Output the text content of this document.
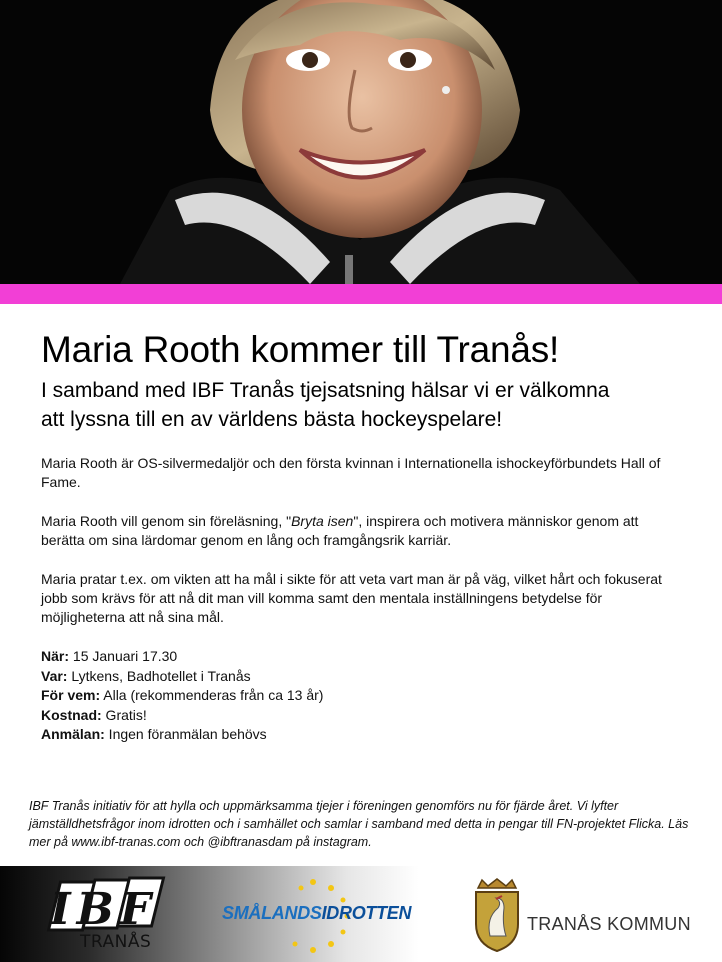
Maria Rooth kommer till Tranås!
I samband med IBF Tranås tjejsatsning hälsar vi er välkomna
att lyssna till en av världens bästa hockeyspelare!

Maria Rooth är OS-silvermedaljör och den första kvinnan i Internationella ishockeyförbundets Hall of Fame.

Maria Rooth vill genom sin föreläsning, "Bryta isen", inspirera och motivera människor genom att berätta om sina lärdomar genom en lång och framgångsrik karriär.

Maria pratar t.ex. om vikten att ha mål i sikte för att veta vart man är på väg, vilket hårt och fokuserat jobb som krävs för att nå dit man vill komma samt den mentala inställningens betydelse för möjligheterna att nå sina mål.

När: 15 Januari 17.30
Var: Lytkens, Badhotellet i Tranås
För vem: Alla (rekommenderas från ca 13 år)
Kostnad: Gratis!
Anmälan: Ingen föranmälan behövs
IBF Tranås initiativ för att hylla och uppmärksamma tjejer i föreningen genomförs nu för fjärde året. Vi lyfter jämställdhetsfrågor inom idrotten och i samhället och samlar i samband med detta in pengar till FN-projektet Flicka. Läs mer på www.ibf-tranas.com och @ibftranasdam på instagram.
IBF
TRANÅS
SMÅLANDSIDROTTEN
TRANÅS KOMMUN
